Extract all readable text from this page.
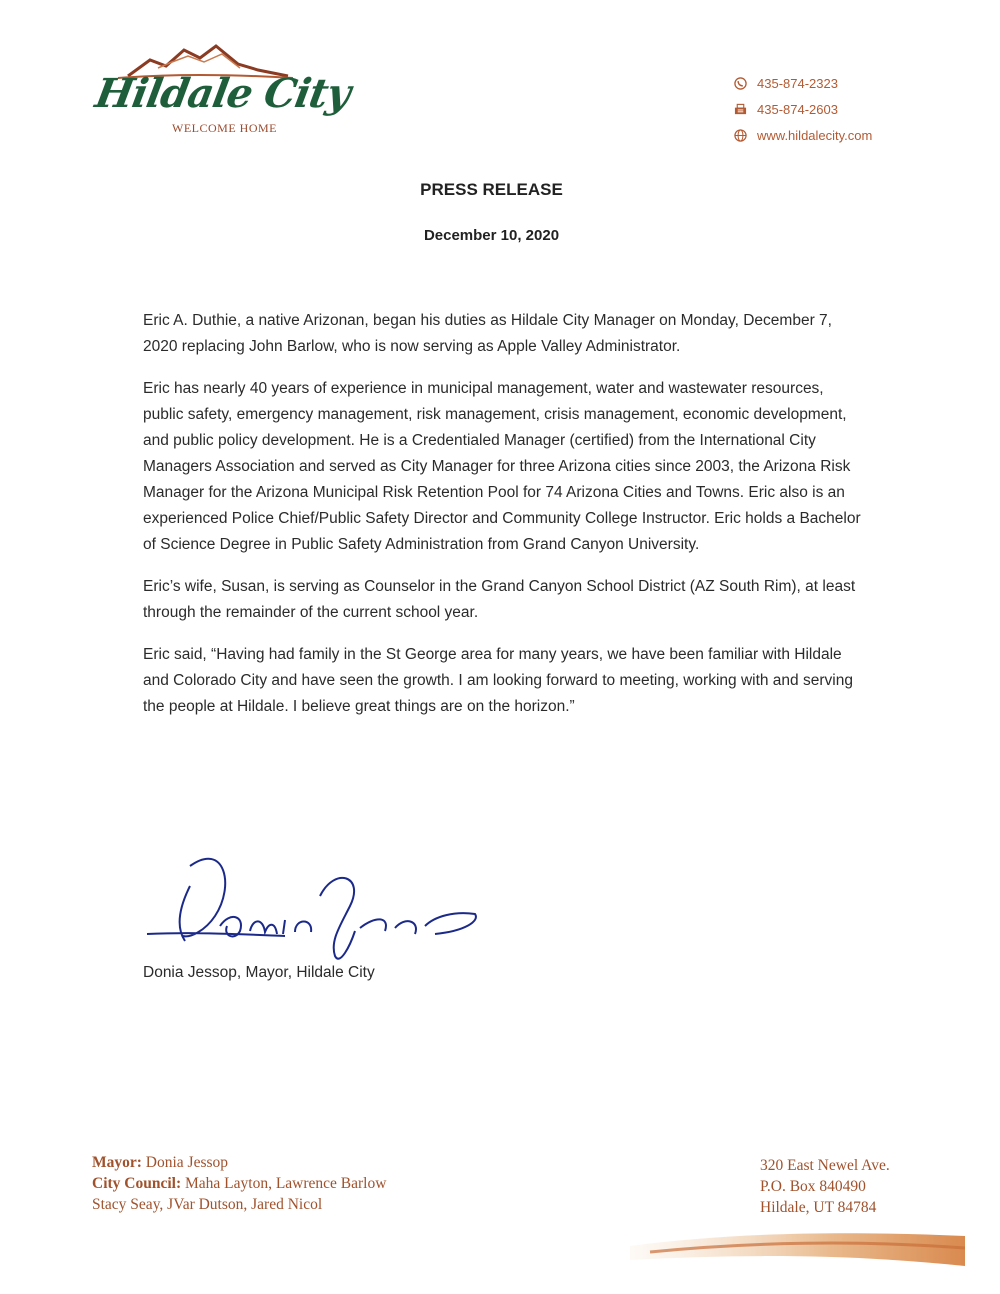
Hildale City
WELCOME HOME
435-874-2323
435-874-2603
www.hildalecity.com
PRESS RELEASE
December 10, 2020

Eric A. Duthie, a native Arizonan, began his duties as Hildale City Manager on Monday, December 7, 2020 replacing John Barlow, who is now serving as Apple Valley Administrator.

Eric has nearly 40 years of experience in municipal management, water and wastewater resources, public safety, emergency management, risk management, crisis management, economic development, and public policy development. He is a Credentialed Manager (certified) from the International City Managers Association and served as City Manager for three Arizona cities since 2003, the Arizona Risk Manager for the Arizona Municipal Risk Retention Pool for 74 Arizona Cities and Towns. Eric also is an experienced Police Chief/Public Safety Director and Community College Instructor. Eric holds a Bachelor of Science Degree in Public Safety Administration from Grand Canyon University.

Eric’s wife, Susan, is serving as Counselor in the Grand Canyon School District (AZ South Rim), at least through the remainder of the current school year.

Eric said, “Having had family in the St George area for many years, we have been familiar with Hildale and Colorado City and have seen the growth. I am looking forward to meeting, working with and serving the people at Hildale. I believe great things are on the horizon.”

Donia Jessop, Mayor, Hildale City
Mayor: Donia Jessop
City Council: Maha Layton, Lawrence Barlow
Stacy Seay, JVar Dutson, Jared Nicol
320 East Newel Ave.
P.O. Box 840490
Hildale, UT 84784
